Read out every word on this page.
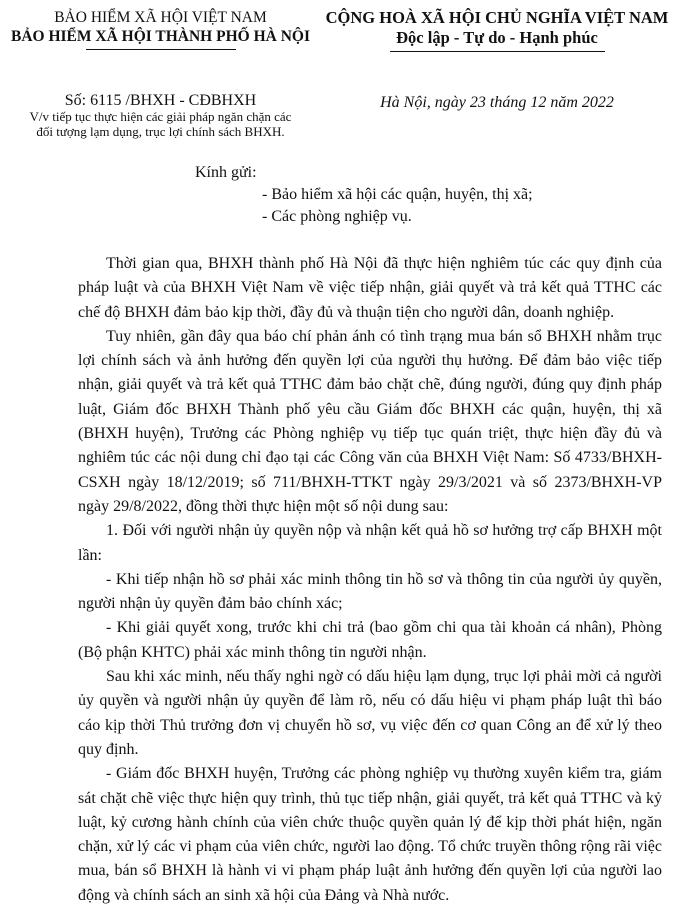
BẢO HIỂM XÃ HỘI VIỆT NAM
BẢO HIỂM XÃ HỘI THÀNH PHỐ HÀ NỘI
CỘNG HOÀ XÃ HỘI CHỦ NGHĨA VIỆT NAM
Độc lập - Tự do - Hạnh phúc
Số: 6115 /BHXH - CĐBHXH
V/v tiếp tục thực hiện các giải pháp ngăn chặn các
đối tượng lạm dụng, trục lợi chính sách BHXH.
Hà Nội, ngày 23 tháng 12 năm 2022
Kính gửi:
- Bảo hiểm xã hội các quận, huyện, thị xã;
- Các phòng nghiệp vụ.

Thời gian qua, BHXH thành phố Hà Nội đã thực hiện nghiêm túc các quy định của pháp luật và của BHXH Việt Nam về việc tiếp nhận, giải quyết và trả kết quả TTHC các chế độ BHXH đảm bảo kịp thời, đầy đủ và thuận tiện cho người dân, doanh nghiệp.

Tuy nhiên, gần đây qua báo chí phản ánh có tình trạng mua bán sổ BHXH nhằm trục lợi chính sách và ảnh hưởng đến quyền lợi của người thụ hưởng. Để đảm bảo việc tiếp nhận, giải quyết và trả kết quả TTHC đảm bảo chặt chẽ, đúng người, đúng quy định pháp luật, Giám đốc BHXH Thành phố yêu cầu Giám đốc BHXH các quận, huyện, thị xã (BHXH huyện), Trưởng các Phòng nghiệp vụ tiếp tục quán triệt, thực hiện đầy đủ và nghiêm túc các nội dung chỉ đạo tại các Công văn của BHXH Việt Nam: Số 4733/BHXH-CSXH ngày 18/12/2019; số 711/BHXH-TTKT ngày 29/3/2021 và số 2373/BHXH-VP ngày 29/8/2022, đồng thời thực hiện một số nội dung sau:

1. Đối với người nhận ủy quyền nộp và nhận kết quả hồ sơ hưởng trợ cấp BHXH một lần:

- Khi tiếp nhận hồ sơ phải xác minh thông tin hồ sơ và thông tin của người ủy quyền, người nhận ủy quyền đảm bảo chính xác;

- Khi giải quyết xong, trước khi chi trả (bao gồm chi qua tài khoản cá nhân), Phòng (Bộ phận KHTC) phải xác minh thông tin người nhận.

Sau khi xác minh, nếu thấy nghi ngờ có dấu hiệu lạm dụng, trục lợi phải mời cả người ủy quyền và người nhận ủy quyền để làm rõ, nếu có dấu hiệu vi phạm pháp luật thì báo cáo kịp thời Thủ trưởng đơn vị chuyển hồ sơ, vụ việc đến cơ quan Công an để xử lý theo quy định.

- Giám đốc BHXH huyện, Trưởng các phòng nghiệp vụ thường xuyên kiểm tra, giám sát chặt chẽ việc thực hiện quy trình, thủ tục tiếp nhận, giải quyết, trả kết quả TTHC và kỷ luật, kỷ cương hành chính của viên chức thuộc quyền quản lý để kịp thời phát hiện, ngăn chặn, xử lý các vi phạm của viên chức, người lao động. Tổ chức truyền thông rộng rãi việc mua, bán sổ BHXH là hành vi vi phạm pháp luật ảnh hưởng đến quyền lợi của người lao động và chính sách an sinh xã hội của Đảng và Nhà nước.
